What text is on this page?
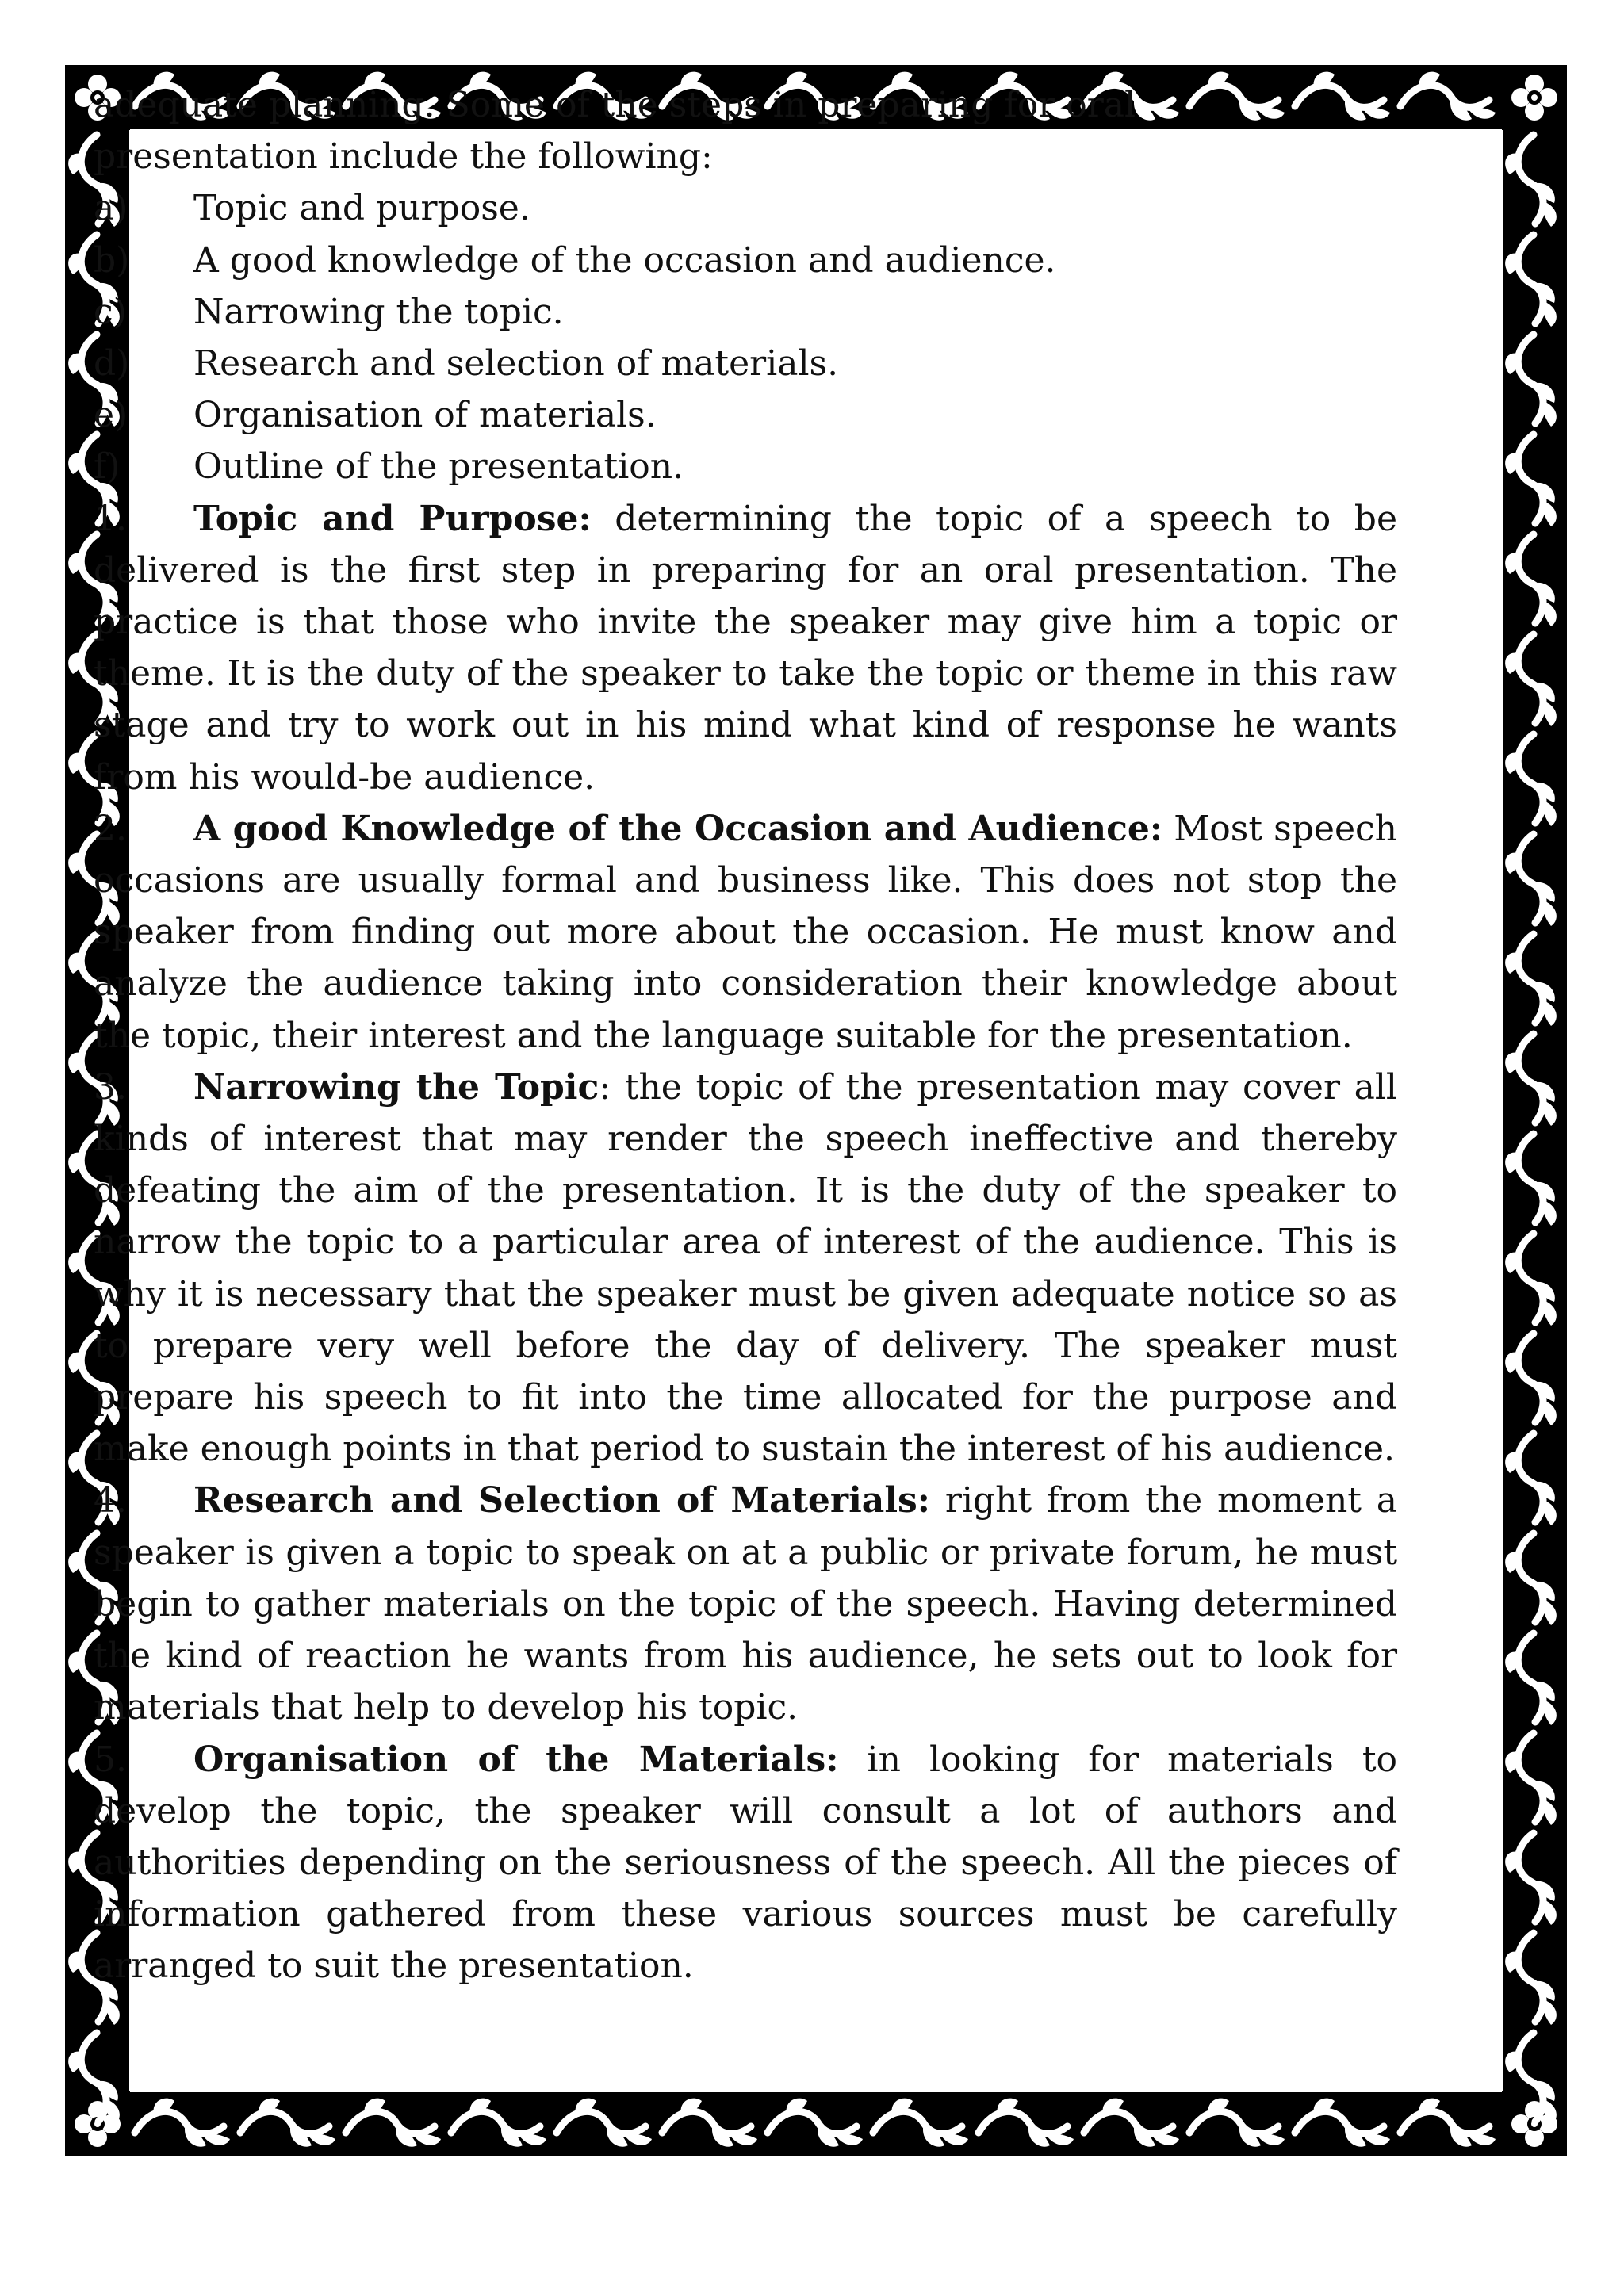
adequate planning. Some of the steps in preparing for oral

presentation include the following:

a)	Topic and purpose.
b)	A good knowledge of the occasion and audience.
c)	Narrowing the topic.
d)	Research and selection of materials.
e)	Organisation of materials.
f)	Outline of the presentation.

1. Topic and Purpose: determining the topic of a speech to be delivered is the first step in preparing for an oral presentation. The practice is that those who invite the speaker may give him a topic or theme. It is the duty of the speaker to take the topic or theme in this raw stage and try to work out in his mind what kind of response he wants from his would-be audience.

2. A good Knowledge of the Occasion and Audience: Most speech occasions are usually formal and business like. This does not stop the speaker from finding out more about the occasion. He must know and analyze the audience taking into consideration their knowledge about the topic, their interest and the language suitable for the presentation.

3. Narrowing the Topic: the topic of the presentation may cover all kinds of interest that may render the speech ineffective and thereby defeating the aim of the presentation. It is the duty of the speaker to narrow the topic to a particular area of interest of the audience. This is why it is necessary that the speaker must be given adequate notice so as to prepare very well before the day of delivery. The speaker must prepare his speech to fit into the time allocated for the purpose and make enough points in that period to sustain the interest of his audience.

4. Research and Selection of Materials: right from the moment a speaker is given a topic to speak on at a public or private forum, he must begin to gather materials on the topic of the speech. Having determined the kind of reaction he wants from his audience, he sets out to look for materials that help to develop his topic.

5. Organisation of the Materials: in looking for materials to develop the topic, the speaker will consult a lot of authors and authorities depending on the seriousness of the speech. All the pieces of information gathered from these various sources must be carefully arranged to suit the presentation.
